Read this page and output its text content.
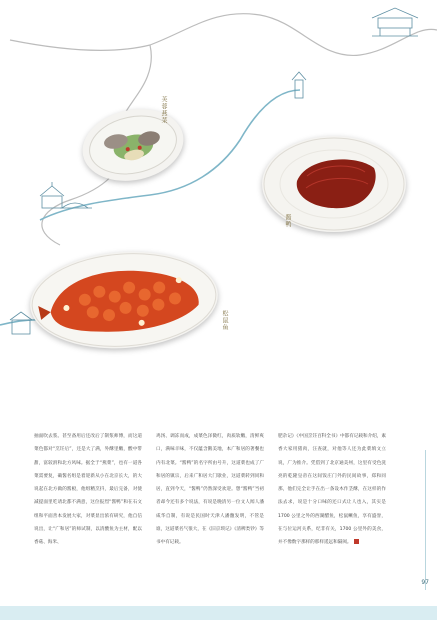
芙蓉燕菜
酱鸭
松鼠鱼
抽面吹去浆。甚至备用后还改后了制浆师傅，而这道菜色都对“烹饪后”，还是大了满，外酥里嫩，酸中带甜，富较滑和北方风味。据全于“燕菜”，也有一道各菜需要复，确酱名组是着迎新从小在北京长大，的大说起在北方做的酱板，他组精烹抖，最后完备，对使减提面里吃请北都不满意，这位报烈“酱鸭”和在石文组和平面善本发展大家，对菜显出浓有研究，他自信说出，让“广和居”的师试制，以清酸鱼为主材，配以香菇、海米、
鸡汤、调冻而成，成菜色泽微红，肉质软嫩，清鲜爽口，满味羊味，不仅蕴含鹅美地，本广和居的著餐也内有北菜。“酱鸭”的名字所由号升，这道菜也成了广和居的镇宗，后来广和居大门歇业，这道菜转到同和居，直到今天，“酱鸭”仍然深受欢迎。想“酱鸭”当初者却今还有多个说法，有说是晚清另一位文人闻人潘咸华自制，有说是民国时天津人潘馥发明，不管是谁，这道菜名气很大，在《旧京琐记》《清稗类钞》等书中有记载。
肥杂记》《中国烹饪百科全书》中都有记载和介绍，素香大家用猪肉，汪查就，对他等人还为此菜填文立说，广为推介。凭借到了北京通美州，这里有受色洗亮的乾隆皇帝在这间饭庄门外的民间故事，郑和同那，他们完全让手在出一条设木作茎酥，在这样的作法去求，说是十分口味的还口式让人也入，其实是 1700 公里之外的西湖醋鱼，松鼠鳜鱼，享有盛誉，在与位运河关系，纪非有关，1700 公里外的美食，并不像数字那样的那样遥远和隔阂。
97
